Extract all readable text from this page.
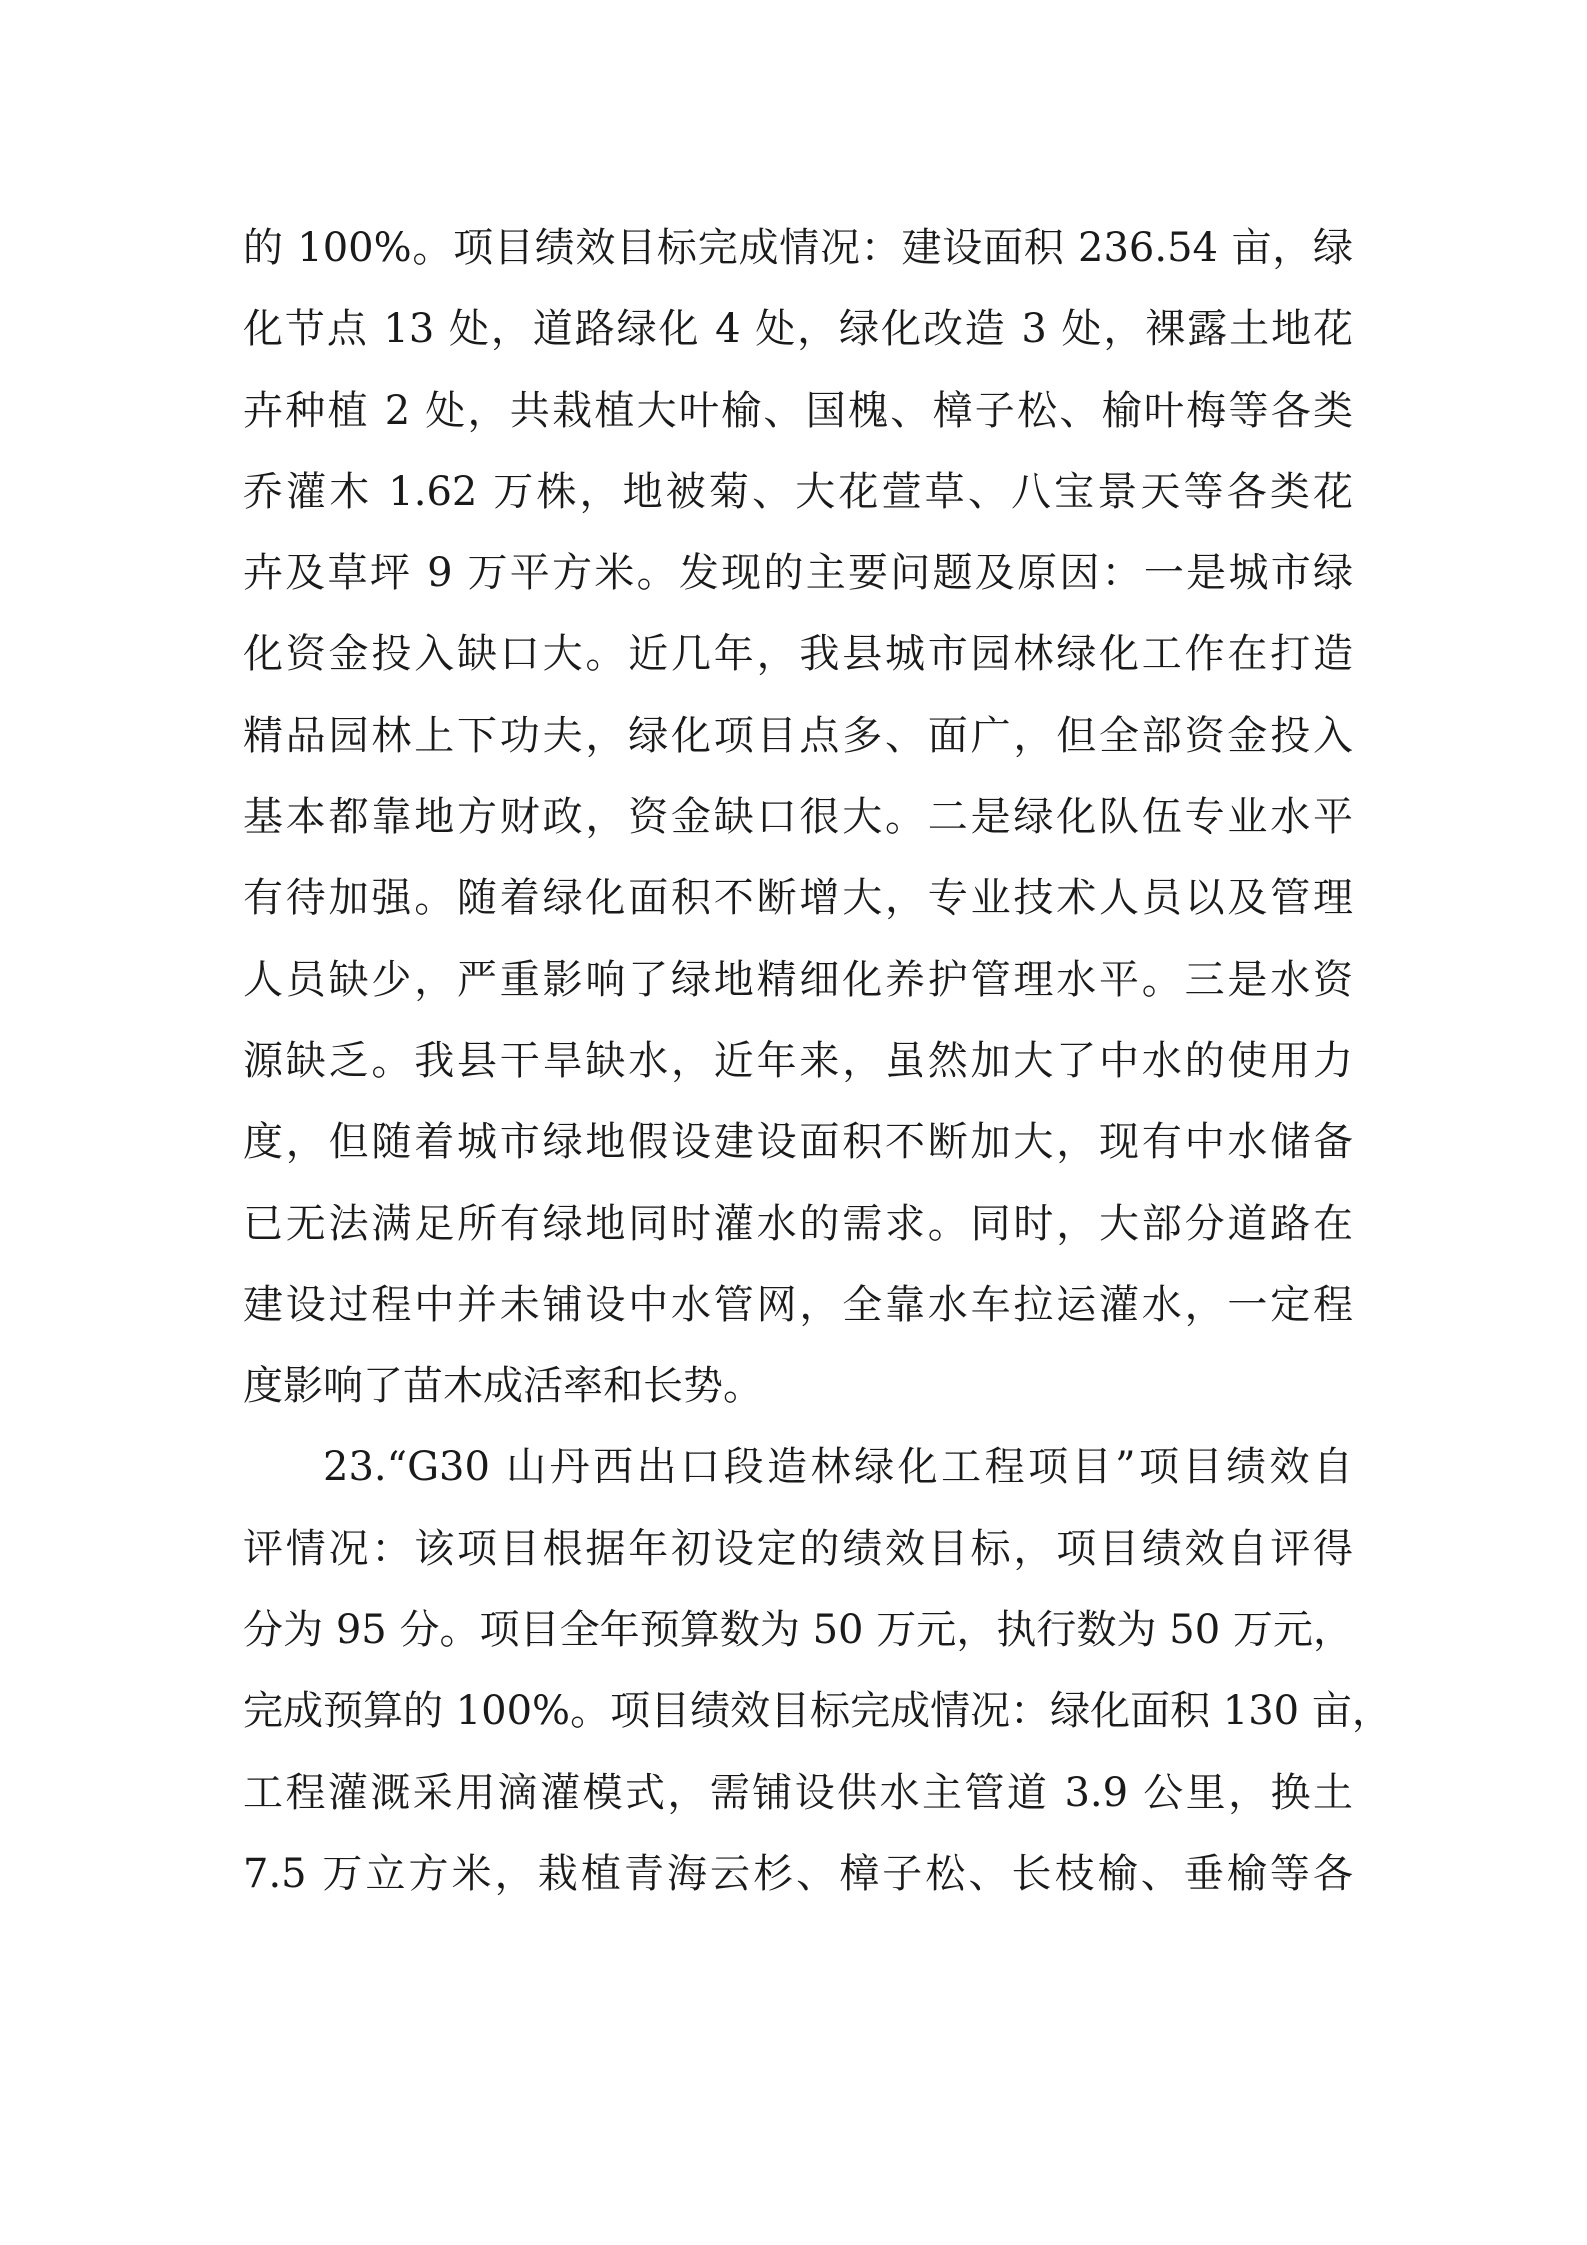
的 100%。项目绩效目标完成情况：建设面积 236.54 亩，绿
化节点 13 处，道路绿化 4 处，绿化改造 3 处，裸露土地花
卉种植 2 处，共栽植大叶榆、国槐、樟子松、榆叶梅等各类
乔灌木 1.62 万株，地被菊、大花萱草、八宝景天等各类花
卉及草坪 9 万平方米。发现的主要问题及原因：一是城市绿
化资金投入缺口大。近几年，我县城市园林绿化工作在打造
精品园林上下功夫，绿化项目点多、面广，但全部资金投入
基本都靠地方财政，资金缺口很大。二是绿化队伍专业水平
有待加强。随着绿化面积不断增大，专业技术人员以及管理
人员缺少，严重影响了绿地精细化养护管理水平。三是水资
源缺乏。我县干旱缺水，近年来，虽然加大了中水的使用力
度，但随着城市绿地假设建设面积不断加大，现有中水储备
已无法满足所有绿地同时灌水的需求。同时，大部分道路在
建设过程中并未铺设中水管网，全靠水车拉运灌水，一定程
度影响了苗木成活率和长势。
23.“G30 山丹西出口段造林绿化工程项目”项目绩效自
评情况：该项目根据年初设定的绩效目标，项目绩效自评得
分为 95 分。项目全年预算数为 50 万元，执行数为 50 万元，
完成预算的 100%。项目绩效目标完成情况：绿化面积 130 亩，
工程灌溉采用滴灌模式，需铺设供水主管道 3.9 公里，换土
7.5 万立方米，栽植青海云杉、樟子松、长枝榆、垂榆等各
